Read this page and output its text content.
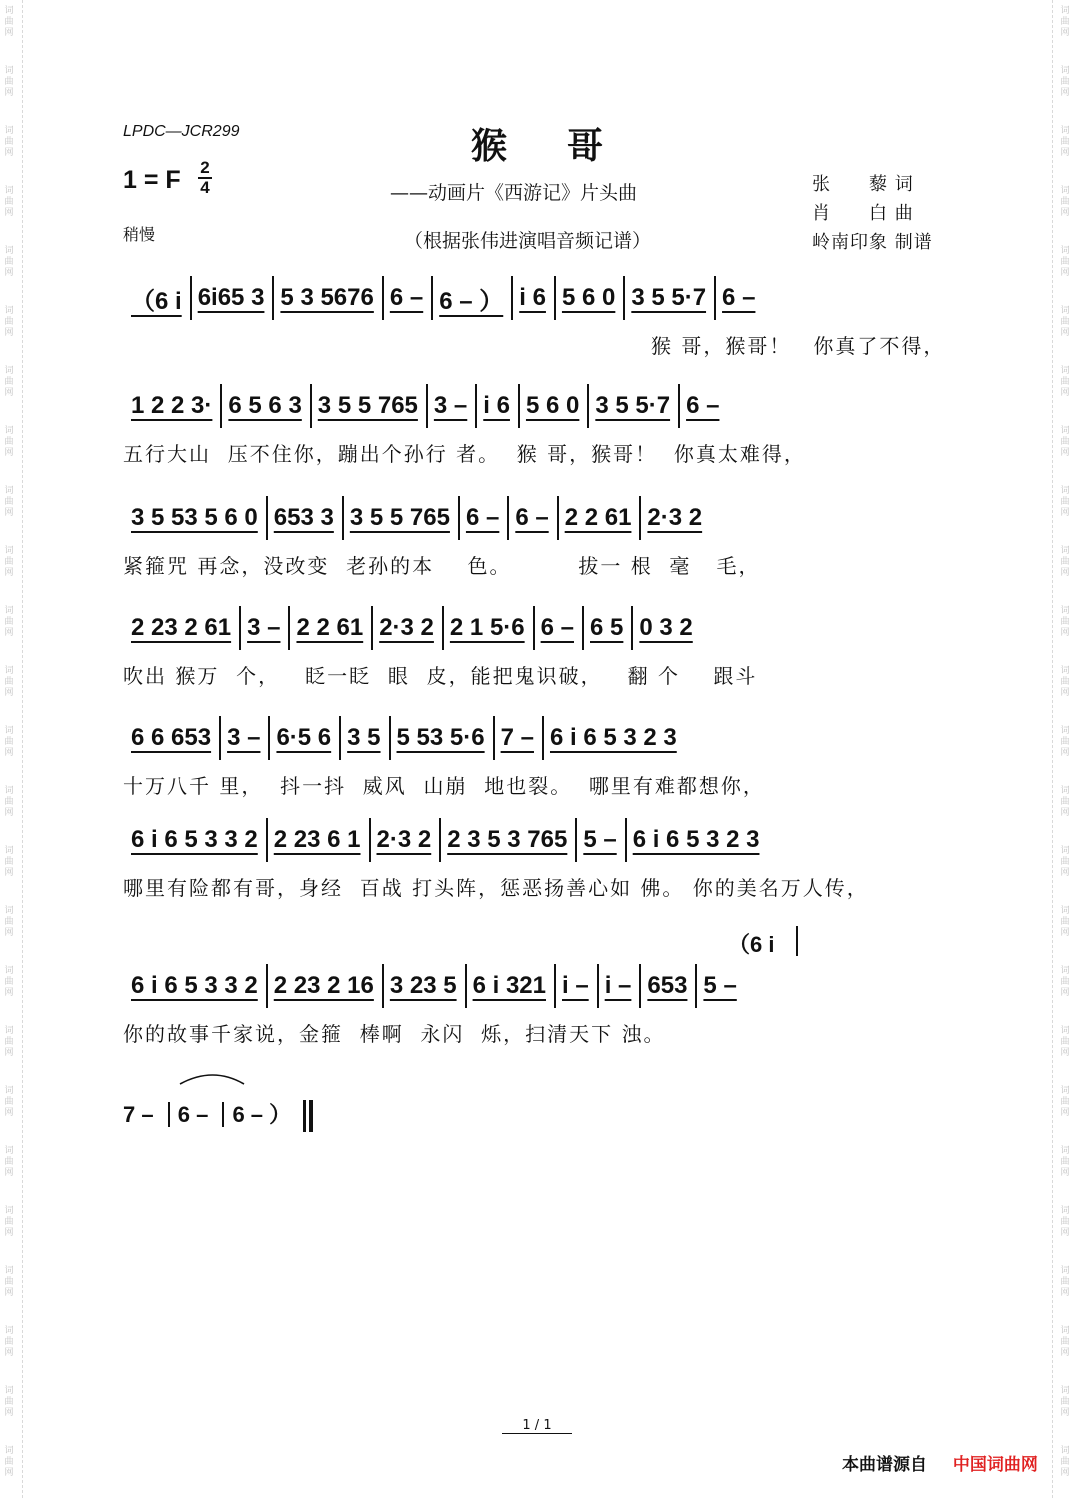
词曲网
词曲网
词曲网
词曲网
词曲网
词曲网
词曲网
词曲网
词曲网
词曲网
词曲网
词曲网
词曲网
词曲网
词曲网
词曲网
词曲网
词曲网
词曲网
词曲网
词曲网
词曲网
词曲网
词曲网
词曲网
词曲网
词曲网
词曲网
词曲网
词曲网
词曲网
词曲网
词曲网
词曲网
词曲网
词曲网
词曲网
词曲网
词曲网
词曲网
词曲网
词曲网
词曲网
词曲网
词曲网
词曲网
词曲网
词曲网
词曲网
词曲网
LPDC—JCR299	猴哥
1 = F 2
4
稍慢
——动画片《西游记》片头曲
（根据张伟进演唱音频记谱）
张　　藜 词
肖　　白 曲
岭南印象 制谱
（6 i 6i65 3 5 3 5676 6 – 6 – ） i 6 5 6 0 3 5 5·7 6 –
　　　　　　　　　　　　　　　　　　　　　　　　猴 哥，猴哥！　你真了不得，
1 2 2 3· 6 5 6 3 3 5 5 765 3 – i 6 5 6 0 3 5 5·7 6 –
五行大山  压不住你，蹦出个孙行 者。  猴 哥，猴哥！  你真太难得，
3 5 53 5 6 0 653 3 3 5 5 765 6 – 6 – 2 2 61 2·3 2
紧箍咒 再念，没改变  老孙的本    色。        拔一 根  毫   毛，
2 23 2 61 3 – 2 2 61 2·3 2 2 1 5·6 6 – 6 5 0 3 2
吹出 猴万  个，   眨一眨  眼  皮，能把鬼识破，   翻 个    跟斗
6 6 653 3 – 6·5 6 3 5 5 53 5·6 7 – 6 i 6 5 3 2 3
十万八千 里，  抖一抖  威风  山崩  地也裂。  哪里有难都想你，
6 i 6 5 3 3 2 2 23 6 1 2·3 2 2 3 5 3 765 5 – 6 i 6 5 3 2 3
哪里有险都有哥，身经  百战 打头阵，惩恶扬善心如 佛。 你的美名万人传，
6 i 6 5 3 3 2 2 23 2 16 3 23 5 6 i 321 i – i – 653 5 –
你的故事千家说，金箍  棒啊  永闪  烁，扫清天下 浊。
（6 i
7 – 6 – 6 – ）
1 / 1
本曲谱源自 中国词曲网
